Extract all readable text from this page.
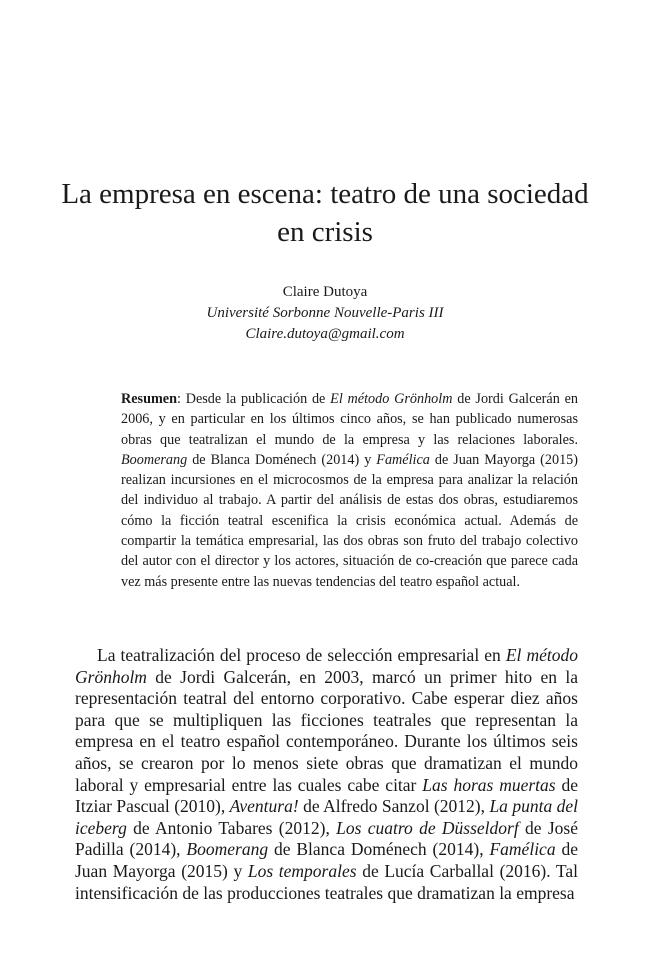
La empresa en escena: teatro de una sociedad en crisis
Claire Dutoya
Université Sorbonne Nouvelle-Paris III
Claire.dutoya@gmail.com

Resumen: Desde la publicación de El método Grönholm de Jordi Galcerán en 2006, y en particular en los últimos cinco años, se han publicado numerosas obras que teatralizan el mundo de la empresa y las relaciones laborales. Boomerang de Blanca Doménech (2014) y Famélica de Juan Mayorga (2015) realizan incursiones en el microcosmos de la empresa para analizar la relación del individuo al trabajo. A partir del análisis de estas dos obras, estudiaremos cómo la ficción teatral escenifica la crisis económica actual. Además de compartir la temática empresarial, las dos obras son fruto del trabajo colectivo del autor con el director y los actores, situación de co-creación que parece cada vez más presente entre las nuevas tendencias del teatro español actual.

La teatralización del proceso de selección empresarial en El método Grönholm de Jordi Galcerán, en 2003, marcó un primer hito en la representación teatral del entorno corporativo. Cabe esperar diez años para que se multipliquen las ficciones teatrales que representan la empresa en el teatro español contemporáneo. Durante los últimos seis años, se crearon por lo menos siete obras que dramatizan el mundo laboral y empresarial entre las cuales cabe citar Las horas muertas de Itziar Pascual (2010), Aventura! de Alfredo Sanzol (2012), La punta del iceberg de Antonio Tabares (2012), Los cuatro de Düsseldorf de José Padilla (2014), Boomerang de Blanca Doménech (2014), Famélica de Juan Mayorga (2015) y Los temporales de Lucía Carballal (2016). Tal intensificación de las producciones teatrales que dramatizan la empresa
